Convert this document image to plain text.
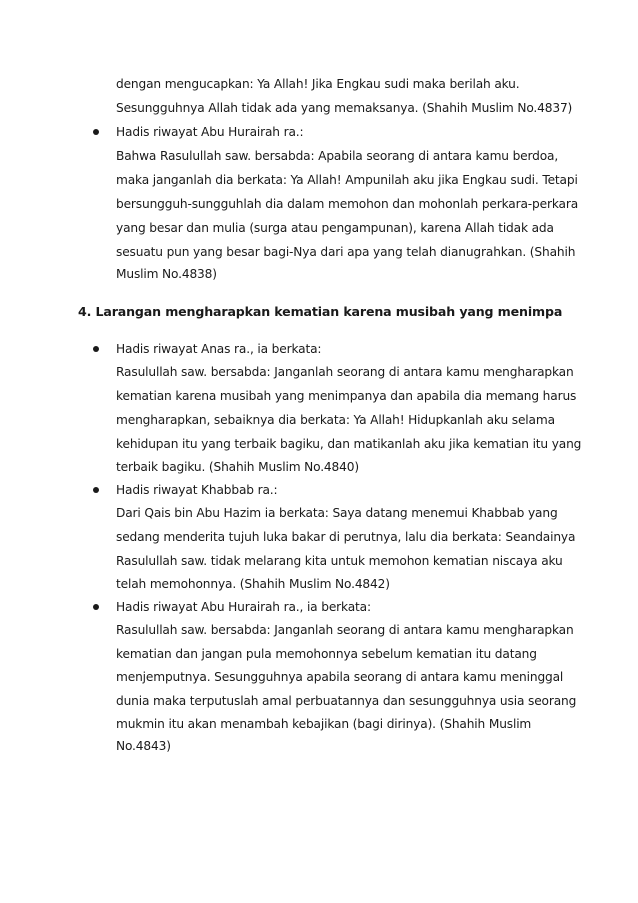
dengan mengucapkan: Ya Allah! Jika Engkau sudi maka berilah aku.
Sesungguhnya Allah tidak ada yang memaksanya. (Shahih Muslim No.4837)
Hadis riwayat Abu Hurairah ra.:
Bahwa Rasulullah saw. bersabda: Apabila seorang di antara kamu berdoa,
maka janganlah dia berkata: Ya Allah! Ampunilah aku jika Engkau sudi. Tetapi
bersungguh-sungguhlah dia dalam memohon dan mohonlah perkara-perkara
yang besar dan mulia (surga atau pengampunan), karena Allah tidak ada
sesuatu pun yang besar bagi-Nya dari apa yang telah dianugrahkan. (Shahih
Muslim No.4838)
4. Larangan mengharapkan kematian karena musibah yang menimpa
Hadis riwayat Anas ra., ia berkata:
Rasulullah saw. bersabda: Janganlah seorang di antara kamu mengharapkan
kematian karena musibah yang menimpanya dan apabila dia memang harus
mengharapkan, sebaiknya dia berkata: Ya Allah! Hidupkanlah aku selama
kehidupan itu yang terbaik bagiku, dan matikanlah aku jika kematian itu yang
terbaik bagiku. (Shahih Muslim No.4840)
Hadis riwayat Khabbab ra.:
Dari Qais bin Abu Hazim ia berkata: Saya datang menemui Khabbab yang
sedang menderita tujuh luka bakar di perutnya, lalu dia berkata: Seandainya
Rasulullah saw. tidak melarang kita untuk memohon kematian niscaya aku
telah memohonnya. (Shahih Muslim No.4842)
Hadis riwayat Abu Hurairah ra., ia berkata:
Rasulullah saw. bersabda: Janganlah seorang di antara kamu mengharapkan
kematian dan jangan pula memohonnya sebelum kematian itu datang
menjemputnya. Sesungguhnya apabila seorang di antara kamu meninggal
dunia maka terputuslah amal perbuatannya dan sesungguhnya usia seorang
mukmin itu akan menambah kebajikan (bagi dirinya). (Shahih Muslim
No.4843)
